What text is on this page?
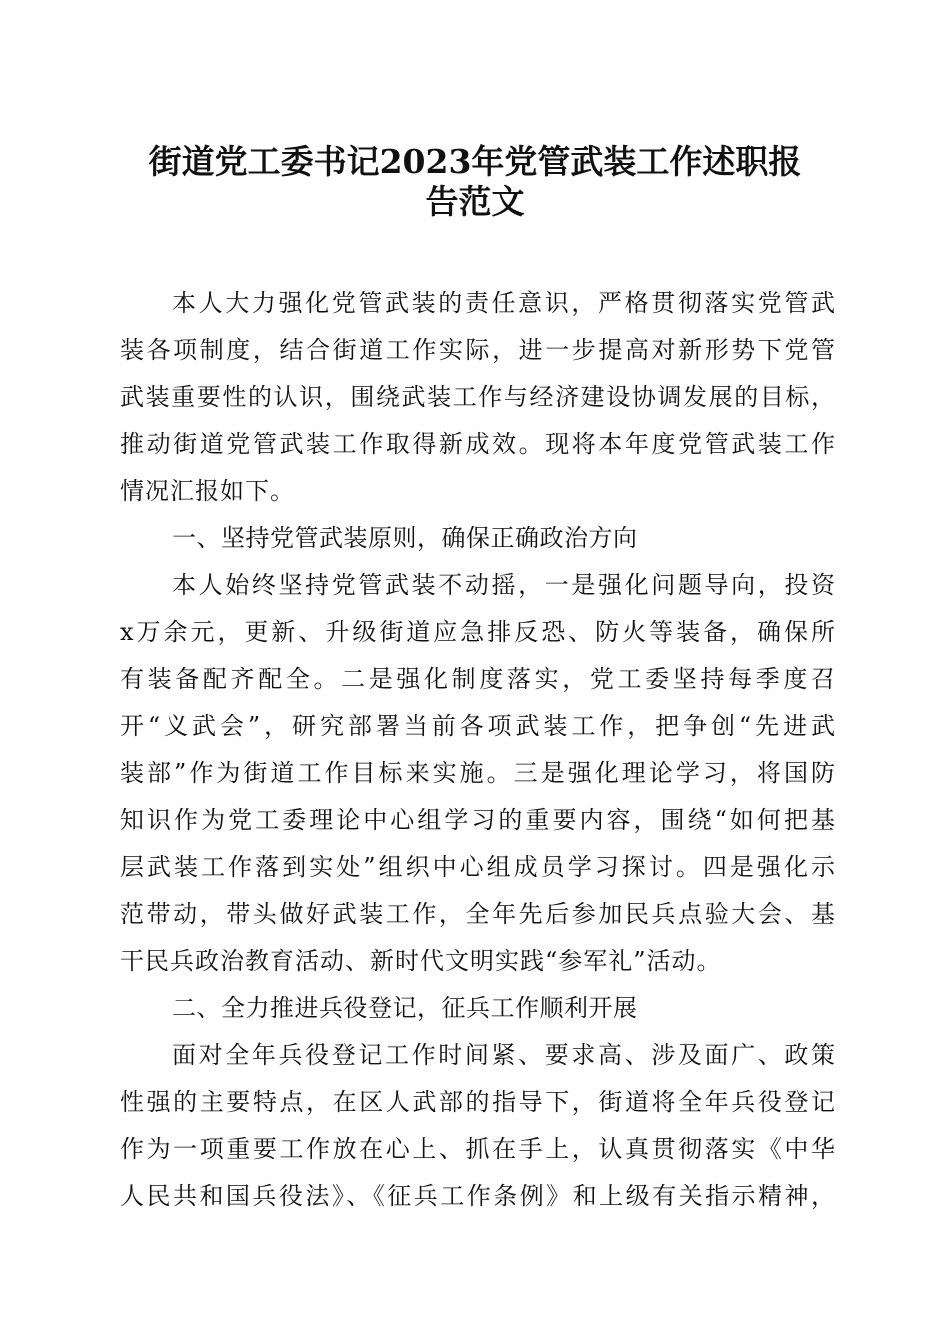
街道党工委书记2023年党管武装工作述职报
告范文
本人大力强化党管武装的责任意识，严格贯彻落实党管武
装各项制度，结合街道工作实际，进一步提高对新形势下党管
武装重要性的认识，围绕武装工作与经济建设协调发展的目标，
推动街道党管武装工作取得新成效。现将本年度党管武装工作
情况汇报如下。
一、坚持党管武装原则，确保正确政治方向
本人始终坚持党管武装不动摇，一是强化问题导向，投资
x万余元，更新、升级街道应急排反恐、防火等装备，确保所
有装备配齐配全。二是强化制度落实，党工委坚持每季度召
开“义武会”，研究部署当前各项武装工作，把争创“先进武
装部”作为街道工作目标来实施。三是强化理论学习，将国防
知识作为党工委理论中心组学习的重要内容，围绕“如何把基
层武装工作落到实处”组织中心组成员学习探讨。四是强化示
范带动，带头做好武装工作，全年先后参加民兵点验大会、基
干民兵政治教育活动、新时代文明实践“参军礼”活动。
二、全力推进兵役登记，征兵工作顺利开展
面对全年兵役登记工作时间紧、要求高、涉及面广、政策
性强的主要特点，在区人武部的指导下，街道将全年兵役登记
作为一项重要工作放在心上、抓在手上，认真贯彻落实《中华
人民共和国兵役法》、《征兵工作条例》和上级有关指示精神，
